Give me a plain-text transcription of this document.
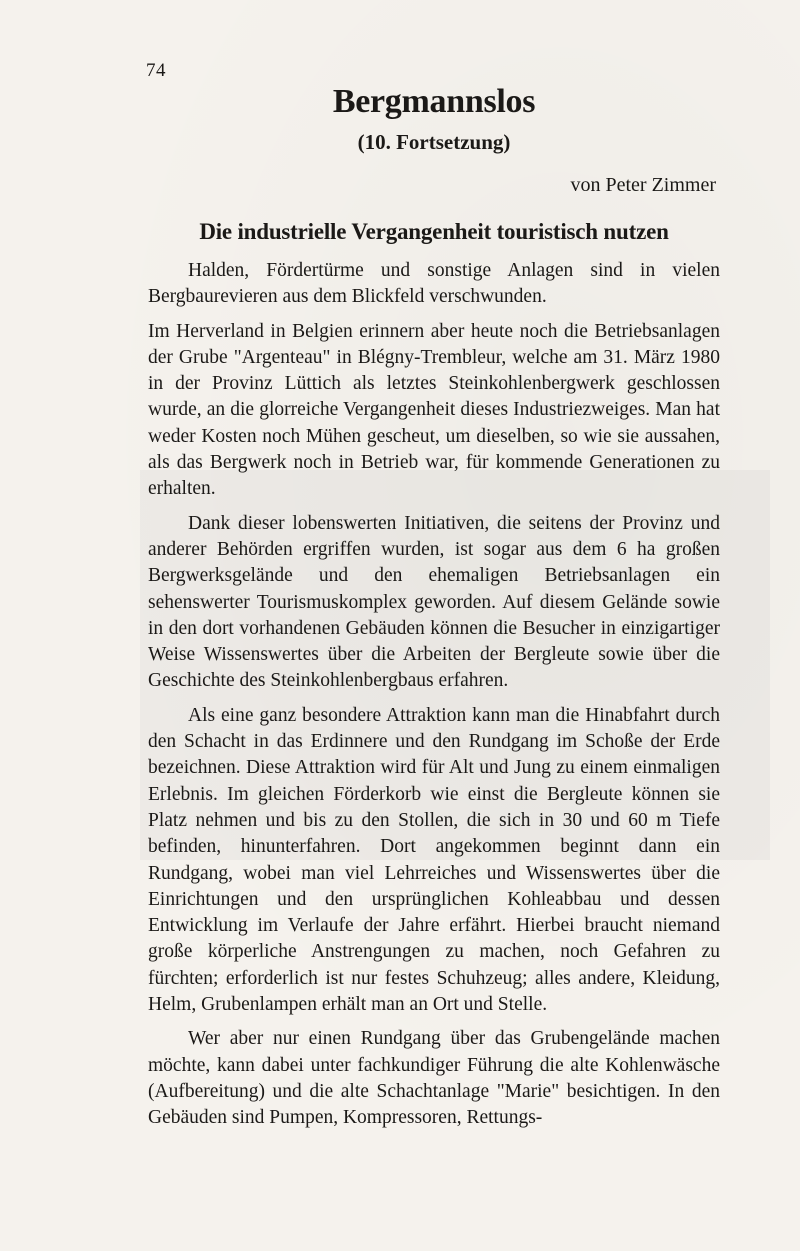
74
Bergmannslos
(10. Fortsetzung)
von Peter Zimmer
Die industrielle Vergangenheit touristisch nutzen

Halden, Fördertürme und sonstige Anlagen sind in vielen Bergbaurevieren aus dem Blickfeld verschwunden.

Im Herverland in Belgien erinnern aber heute noch die Betriebsanlagen der Grube "Argenteau" in Blégny-Trembleur, welche am 31. März 1980 in der Provinz Lüttich als letztes Steinkohlenbergwerk geschlossen wurde, an die glorreiche Vergangenheit dieses Industriezweiges. Man hat weder Kosten noch Mühen gescheut, um dieselben, so wie sie aussahen, als das Bergwerk noch in Betrieb war, für kommende Generationen zu erhalten.

Dank dieser lobenswerten Initiativen, die seitens der Provinz und anderer Behörden ergriffen wurden, ist sogar aus dem 6 ha großen Bergwerksgelände und den ehemaligen Betriebsanlagen ein sehenswerter Tourismuskomplex geworden. Auf diesem Gelände sowie in den dort vorhandenen Gebäuden können die Besucher in einzigartiger Weise Wissenswertes über die Arbeiten der Bergleute sowie über die Geschichte des Steinkohlenbergbaus erfahren.

Als eine ganz besondere Attraktion kann man die Hinabfahrt durch den Schacht in das Erdinnere und den Rundgang im Schoße der Erde bezeichnen. Diese Attraktion wird für Alt und Jung zu einem einmaligen Erlebnis. Im gleichen Förderkorb wie einst die Bergleute können sie Platz nehmen und bis zu den Stollen, die sich in 30 und 60 m Tiefe befinden, hinunterfahren. Dort angekommen beginnt dann ein Rundgang, wobei man viel Lehrreiches und Wissenswertes über die Einrichtungen und den ursprünglichen Kohleabbau und dessen Entwicklung im Verlaufe der Jahre erfährt. Hierbei braucht niemand große körperliche Anstrengungen zu machen, noch Gefahren zu fürchten; erforderlich ist nur festes Schuhzeug; alles andere, Kleidung, Helm, Grubenlampen erhält man an Ort und Stelle.

Wer aber nur einen Rundgang über das Grubengelände machen möchte, kann dabei unter fachkundiger Führung die alte Kohlenwäsche (Aufbereitung) und die alte Schachtanlage "Marie" besichtigen. In den Gebäuden sind Pumpen, Kompressoren, Rettungs-
